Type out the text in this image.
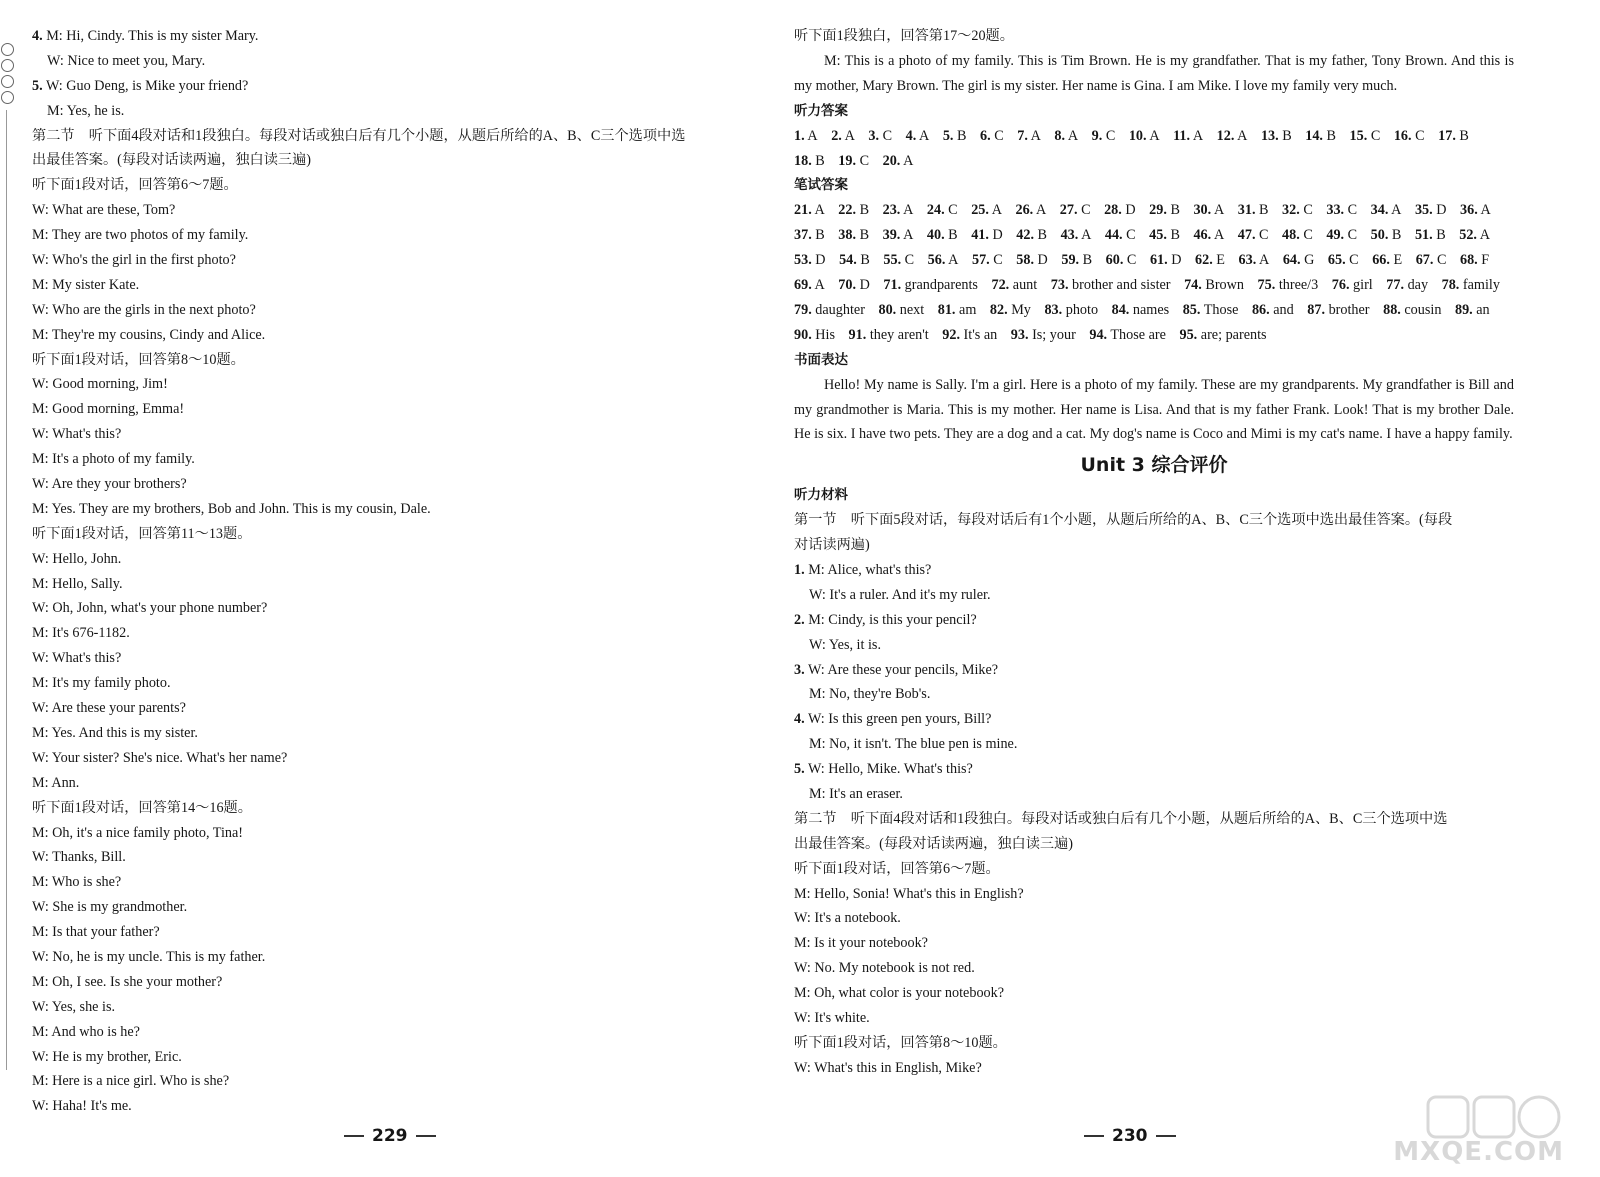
4. M: Hi, Cindy. This is my sister Mary.
W: Nice to meet you, Mary.
5. W: Guo Deng, is Mike your friend?
M: Yes, he is.
第二节　听下面4段对话和1段独白。每段对话或独白后有几个小题，从题后所给的A、B、C三个选项中选
出最佳答案。(每段对话读两遍，独白读三遍)
听下面1段对话，回答第6～7题。
W: What are these, Tom?
M: They are two photos of my family.
W: Who's the girl in the first photo?
M: My sister Kate.
W: Who are the girls in the next photo?
M: They're my cousins, Cindy and Alice.
听下面1段对话，回答第8～10题。
W: Good morning, Jim!
M: Good morning, Emma!
W: What's this?
M: It's a photo of my family.
W: Are they your brothers?
M: Yes. They are my brothers, Bob and John. This is my cousin, Dale.
听下面1段对话，回答第11～13题。
W: Hello, John.
M: Hello, Sally.
W: Oh, John, what's your phone number?
M: It's 676-1182.
W: What's this?
M: It's my family photo.
W: Are these your parents?
M: Yes. And this is my sister.
W: Your sister? She's nice. What's her name?
M: Ann.
听下面1段对话，回答第14～16题。
M: Oh, it's a nice family photo, Tina!
W: Thanks, Bill.
M: Who is she?
W: She is my grandmother.
M: Is that your father?
W: No, he is my uncle. This is my father.
M: Oh, I see. Is she your mother?
W: Yes, she is.
M: And who is he?
W: He is my brother, Eric.
M: Here is a nice girl. Who is she?
W: Haha! It's me.
229
听下面1段独白，回答第17～20题。
M: This is a photo of my family. This is Tim Brown. He is my grandfather. That is my father, Tony Brown. And this is my mother, Mary Brown. The girl is my sister. Her name is Gina. I am Mike. I love my family very much.
听力答案
1. A 2. A 3. C 4. A 5. B 6. C 7. A 8. A 9. C 10. A 11. A 12. A 13. B 14. B 15. C 16. C 17. B 18. B 19. C 20. A
笔试答案
21. A 22. B 23. A 24. C 25. A 26. A 27. C 28. D 29. B 30. A 31. B 32. C 33. C 34. A 35. D 36. A 37. B 38. B 39. A 40. B 41. D 42. B 43. A 44. C 45. B 46. A 47. C 48. C 49. C 50. B 51. B 52. A 53. D 54. B 55. C 56. A 57. C 58. D 59. B 60. C 61. D 62. E 63. A 64. G 65. C 66. E 67. C 68. F 69. A 70. D 71. grandparents 72. aunt 73. brother and sister 74. Brown 75. three/3 76. girl 77. day 78. family 79. daughter 80. next 81. am 82. My 83. photo 84. names 85. Those 86. and 87. brother 88. cousin 89. an 90. His 91. they aren't 92. It's an 93. Is; your 94. Those are 95. are; parents
书面表达
Hello! My name is Sally. I'm a girl. Here is a photo of my family. These are my grandparents. My grandfather is Bill and my grandmother is Maria. This is my mother. Her name is Lisa. And that is my father Frank. Look! That is my brother Dale. He is six. I have two pets. They are a dog and a cat. My dog's name is Coco and Mimi is my cat's name. I have a happy family.
Unit 3 综合评价
听力材料
第一节　听下面5段对话，每段对话后有1个小题，从题后所给的A、B、C三个选项中选出最佳答案。(每段
对话读两遍)
1. M: Alice, what's this?
W: It's a ruler. And it's my ruler.
2. M: Cindy, is this your pencil?
W: Yes, it is.
3. W: Are these your pencils, Mike?
M: No, they're Bob's.
4. W: Is this green pen yours, Bill?
M: No, it isn't. The blue pen is mine.
5. W: Hello, Mike. What's this?
M: It's an eraser.
第二节　听下面4段对话和1段独白。每段对话或独白后有几个小题，从题后所给的A、B、C三个选项中选
出最佳答案。(每段对话读两遍，独白读三遍)
听下面1段对话，回答第6～7题。
M: Hello, Sonia! What's this in English?
W: It's a notebook.
M: Is it your notebook?
W: No. My notebook is not red.
M: Oh, what color is your notebook?
W: It's white.
听下面1段对话，回答第8～10题。
W: What's this in English, Mike?
230
MXQE.COM
